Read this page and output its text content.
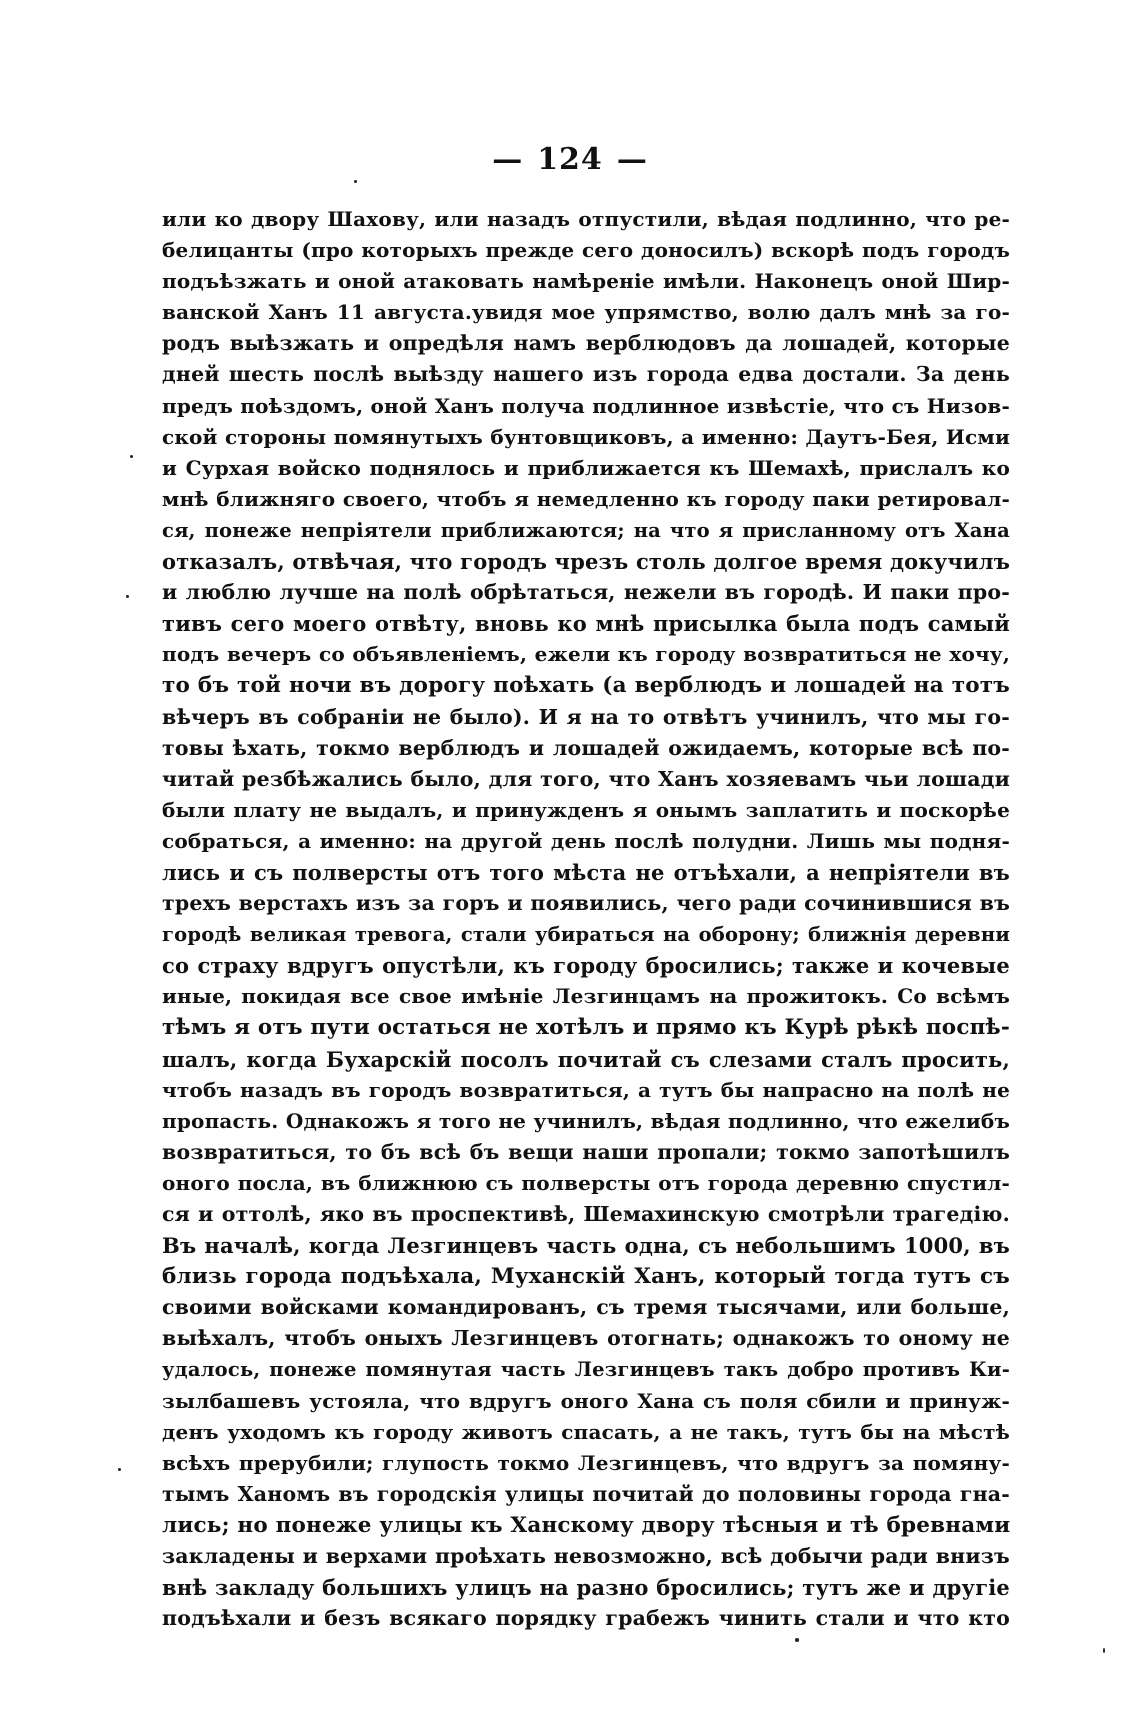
— 124 —
или ко двору Шахову, или назадъ отпустили, вѣдая подлинно, что ре-
белицанты (про которыхъ прежде сего доносилъ) вскорѣ подъ городъ
подъѣзжать и оной атаковать намѣреніе имѣли. Наконецъ оной Шир-
ванской Ханъ 11 августа.увидя мое упрямство, волю далъ мнѣ за го-
родъ выѣзжать и опредѣля намъ верблюдовъ да лошадей, которые
дней шесть послѣ выѣзду нашего изъ города едва достали. За день
предъ поѣздомъ, оной Ханъ получа подлинное извѣстіе, что съ Низов-
ской стороны помянутыхъ бунтовщиковъ, а именно: Даутъ-Бея, Исми
и Сурхая войско поднялось и приближается къ Шемахѣ, прислалъ ко
мнѣ ближняго своего, чтобъ я немедленно къ городу паки ретировал-
ся, понеже непріятели приближаются; на что я присланному отъ Хана
отказалъ, отвѣчая, что городъ чрезъ столь долгое время докучилъ
и люблю лучше на полѣ обрѣтаться, нежели въ городѣ. И паки про-
тивъ сего моего отвѣту, вновь ко мнѣ присылка была подъ самый
подъ вечеръ со объявленіемъ, ежели къ городу возвратиться не хочу,
то бъ той ночи въ дорогу поѣхать (а верблюдъ и лошадей на тотъ
вѣчеръ въ собраніи не было). И я на то отвѣтъ учинилъ, что мы го-
товы ѣхать, токмо верблюдъ и лошадей ожидаемъ, которые всѣ по-
читай резбѣжались было, для того, что Ханъ хозяевамъ чьи лошади
были плату не выдалъ, и принужденъ я онымъ заплатить и поскорѣе
собраться, а именно: на другой день послѣ полудни. Лишь мы подня-
лись и съ полверсты отъ того мѣста не отъѣхали, а непріятели въ
трехъ верстахъ изъ за горъ и появились, чего ради сочинившися въ
городѣ великая тревога, стали убираться на оборону; ближнія деревни
со страху вдругъ опустѣли, къ городу бросились; также и кочевые
иные, покидая все свое имѣніе Лезгинцамъ на прожитокъ. Со всѣмъ
тѣмъ я отъ пути остаться не хотѣлъ и прямо къ Курѣ рѣкѣ поспѣ-
шалъ, когда Бухарскій посолъ почитай съ слезами сталъ просить,
чтобъ назадъ въ городъ возвратиться, а тутъ бы напрасно на полѣ не
пропасть. Однакожъ я того не учинилъ, вѣдая подлинно, что ежелибъ
возвратиться, то бъ всѣ бъ вещи наши пропали; токмо запотѣшилъ
оного посла, въ ближнюю съ полверсты отъ города деревню спустил-
ся и оттолѣ, яко въ проспективѣ, Шемахинскую смотрѣли трагедію.
Въ началѣ, когда Лезгинцевъ часть одна, съ небольшимъ 1000, въ
близь города подъѣхала, Муханскій Ханъ, который тогда тутъ съ
своими войсками командированъ, съ тремя тысячами, или больше,
выѣхалъ, чтобъ оныхъ Лезгинцевъ отогнать; однакожъ то оному не
удалось, понеже помянутая часть Лезгинцевъ такъ добро противъ Ки-
зылбашевъ устояла, что вдругъ оного Хана съ поля сбили и принуж-
денъ уходомъ къ городу животъ спасать, а не такъ, тутъ бы на мѣстѣ
всѣхъ прерубили; глупость токмо Лезгинцевъ, что вдругъ за помяну-
тымъ Ханомъ въ городскія улицы почитай до половины города гна-
лись; но понеже улицы къ Ханскому двору тѣсныя и тѣ бревнами
закладены и верхами проѣхать невозможно, всѣ добычи ради внизъ
внѣ закладу большихъ улицъ на разно бросились; тутъ же и другіе
подъѣхали и безъ всякаго порядку грабежъ чинить стали и что кто
